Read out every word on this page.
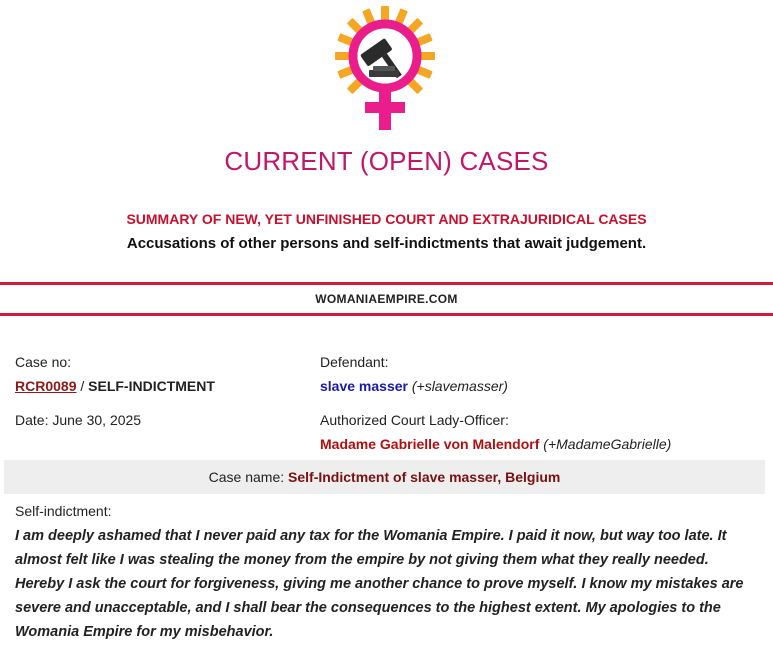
CURRENT (OPEN) CASES
SUMMARY OF NEW, YET UNFINISHED COURT AND EXTRAJURIDICAL CASES
Accusations of other persons and self-indictments that await judgement.
WOMANIAEMPIRE.COM
Case no:
RCR0089 / SELF-INDICTMENT
Date: June 30, 2025
Defendant:
slave masser (+slavemasser)
Authorized Court Lady-Officer:
Madame Gabrielle von Malendorf (+MadameGabrielle)
Case name: Self-Indictment of slave masser, Belgium
Self-indictment:
I am deeply ashamed that I never paid any tax for the Womania Empire. I paid it now, but way too late. It almost felt like I was stealing the money from the empire by not giving them what they really needed. Hereby I ask the court for forgiveness, giving me another chance to prove myself. I know my mistakes are severe and unacceptable, and I shall bear the consequences to the highest extent. My apologies to the Womania Empire for my misbehavior.
